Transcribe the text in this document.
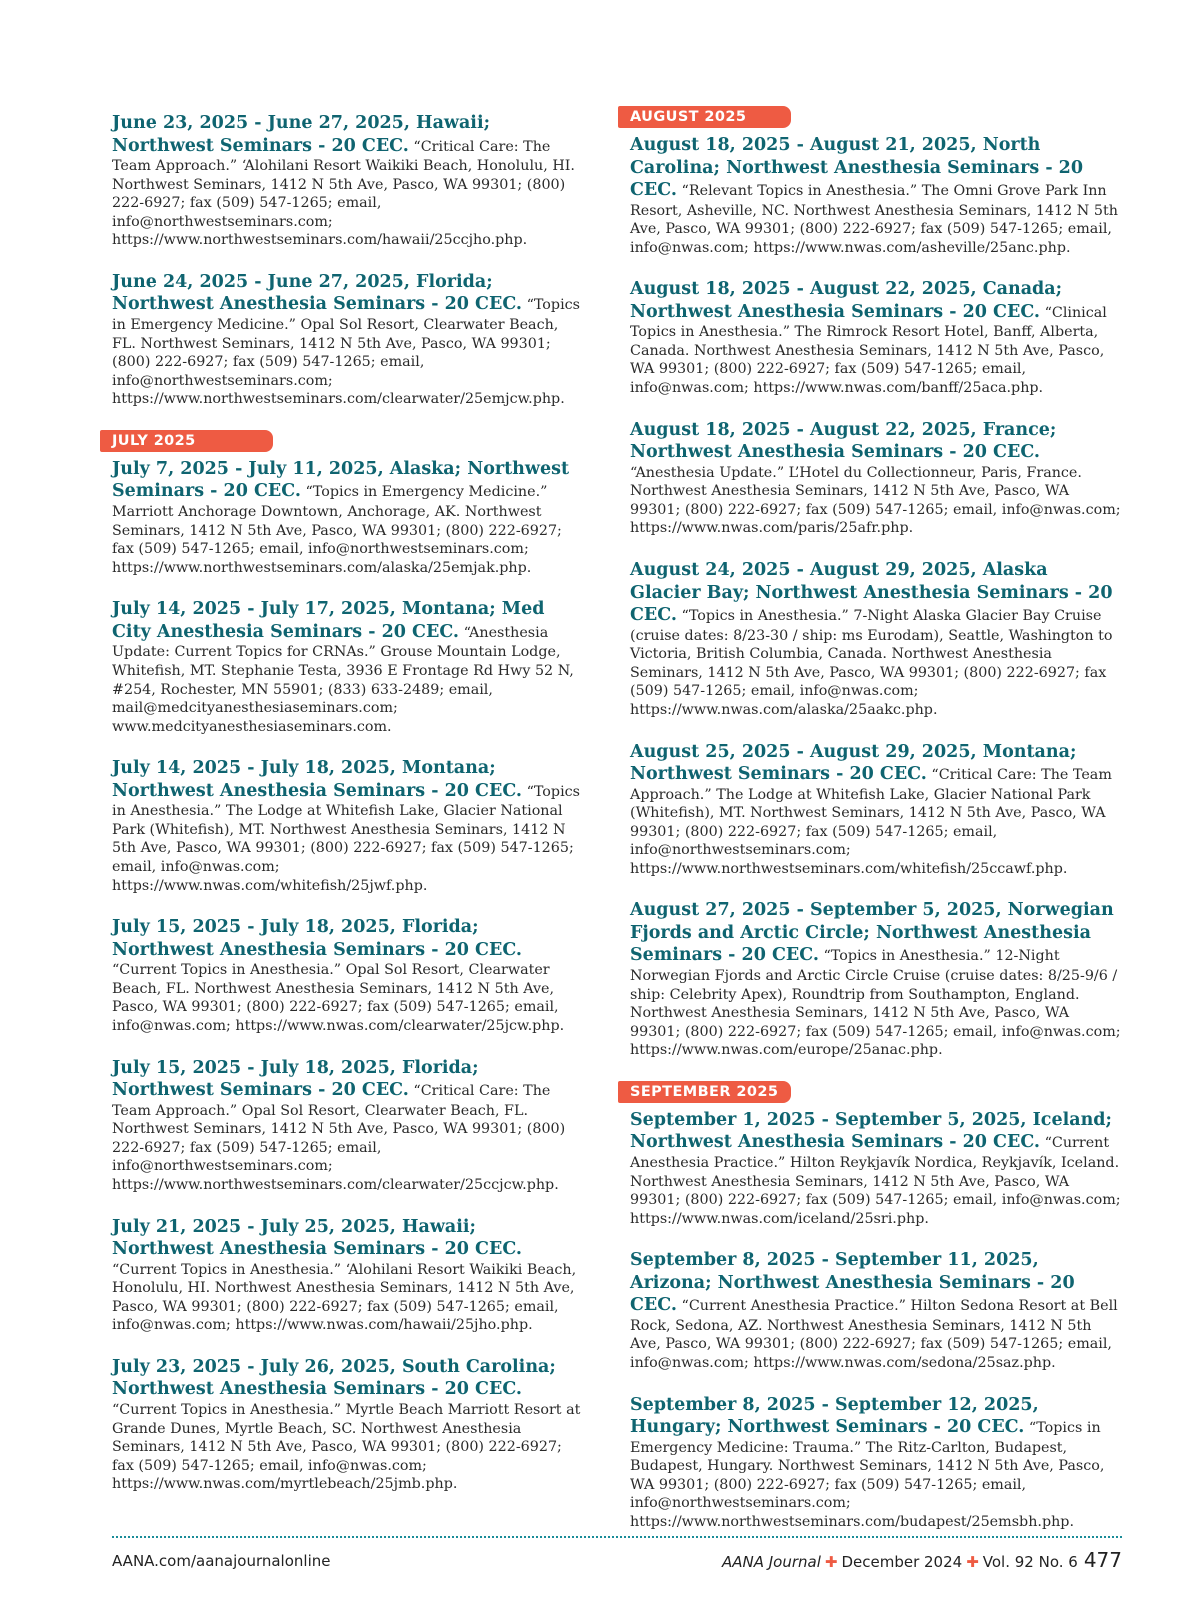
June 23, 2025 - June 27, 2025, Hawaii; Northwest Seminars - 20 CEC. “Critical Care: The Team Approach.” ‘Alohilani Resort Waikiki Beach, Honolulu, HI. Northwest Seminars, 1412 N 5th Ave, Pasco, WA 99301; (800) 222-6927; fax (509) 547-1265; email, info@northwestseminars.com; https://www.northwestseminars.com/hawaii/25ccjho.php.
June 24, 2025 - June 27, 2025, Florida; Northwest Anesthesia Seminars - 20 CEC. “Topics in Emergency Medicine.” Opal Sol Resort, Clearwater Beach, FL. Northwest Seminars, 1412 N 5th Ave, Pasco, WA 99301; (800) 222-6927; fax (509) 547-1265; email, info@northwestseminars.com; https://www.northwestseminars.com/clearwater/25emjcw.php.
JULY 2025
July 7, 2025 - July 11, 2025, Alaska; Northwest Seminars - 20 CEC. “Topics in Emergency Medicine.” Marriott Anchorage Downtown, Anchorage, AK. Northwest Seminars, 1412 N 5th Ave, Pasco, WA 99301; (800) 222-6927; fax (509) 547-1265; email, info@northwestseminars.com; https://www.northwestseminars.com/alaska/25emjak.php.
July 14, 2025 - July 17, 2025, Montana; Med City Anesthesia Seminars - 20 CEC. “Anesthesia Update: Current Topics for CRNAs.” Grouse Mountain Lodge, Whitefish, MT. Stephanie Testa, 3936 E Frontage Rd Hwy 52 N, #254, Rochester, MN 55901; (833) 633-2489; email, mail@medcityanesthesiaseminars.com; www.medcityanesthesiaseminars.com.
July 14, 2025 - July 18, 2025, Montana; Northwest Anesthesia Seminars - 20 CEC. “Topics in Anesthesia.” The Lodge at Whitefish Lake, Glacier National Park (Whitefish), MT. Northwest Anesthesia Seminars, 1412 N 5th Ave, Pasco, WA 99301; (800) 222-6927; fax (509) 547-1265; email, info@nwas.com; https://www.nwas.com/whitefish/25jwf.php.
July 15, 2025 - July 18, 2025, Florida; Northwest Anesthesia Seminars - 20 CEC. “Current Topics in Anesthesia.” Opal Sol Resort, Clearwater Beach, FL. Northwest Anesthesia Seminars, 1412 N 5th Ave, Pasco, WA 99301; (800) 222-6927; fax (509) 547-1265; email, info@nwas.com; https://www.nwas.com/clearwater/25jcw.php.
July 15, 2025 - July 18, 2025, Florida; Northwest Seminars - 20 CEC. “Critical Care: The Team Approach.” Opal Sol Resort, Clearwater Beach, FL. Northwest Seminars, 1412 N 5th Ave, Pasco, WA 99301; (800) 222-6927; fax (509) 547-1265; email, info@northwestseminars.com; https://www.northwestseminars.com/clearwater/25ccjcw.php.
July 21, 2025 - July 25, 2025, Hawaii; Northwest Anesthesia Seminars - 20 CEC. “Current Topics in Anesthesia.” ‘Alohilani Resort Waikiki Beach, Honolulu, HI. Northwest Anesthesia Seminars, 1412 N 5th Ave, Pasco, WA 99301; (800) 222-6927; fax (509) 547-1265; email, info@nwas.com; https://www.nwas.com/hawaii/25jho.php.
July 23, 2025 - July 26, 2025, South Carolina; Northwest Anesthesia Seminars - 20 CEC. “Current Topics in Anesthesia.” Myrtle Beach Marriott Resort at Grande Dunes, Myrtle Beach, SC. Northwest Anesthesia Seminars, 1412 N 5th Ave, Pasco, WA 99301; (800) 222-6927; fax (509) 547-1265; email, info@nwas.com; https://www.nwas.com/myrtlebeach/25jmb.php.
AUGUST 2025
August 18, 2025 - August 21, 2025, North Carolina; Northwest Anesthesia Seminars - 20 CEC. “Relevant Topics in Anesthesia.” The Omni Grove Park Inn Resort, Asheville, NC. Northwest Anesthesia Seminars, 1412 N 5th Ave, Pasco, WA 99301; (800) 222-6927; fax (509) 547-1265; email, info@nwas.com; https://www.nwas.com/asheville/25anc.php.
August 18, 2025 - August 22, 2025, Canada; Northwest Anesthesia Seminars - 20 CEC. “Clinical Topics in Anesthesia.” The Rimrock Resort Hotel, Banff, Alberta, Canada. Northwest Anesthesia Seminars, 1412 N 5th Ave, Pasco, WA 99301; (800) 222-6927; fax (509) 547-1265; email, info@nwas.com; https://www.nwas.com/banff/25aca.php.
August 18, 2025 - August 22, 2025, France; Northwest Anesthesia Seminars - 20 CEC. “Anesthesia Update.” L’Hotel du Collectionneur, Paris, France. Northwest Anesthesia Seminars, 1412 N 5th Ave, Pasco, WA 99301; (800) 222-6927; fax (509) 547-1265; email, info@nwas.com; https://www.nwas.com/paris/25afr.php.
August 24, 2025 - August 29, 2025, Alaska Glacier Bay; Northwest Anesthesia Seminars - 20 CEC. “Topics in Anesthesia.” 7-Night Alaska Glacier Bay Cruise (cruise dates: 8/23-30 / ship: ms Eurodam), Seattle, Washington to Victoria, British Columbia, Canada. Northwest Anesthesia Seminars, 1412 N 5th Ave, Pasco, WA 99301; (800) 222-6927; fax (509) 547-1265; email, info@nwas.com; https://www.nwas.com/alaska/25aakc.php.
August 25, 2025 - August 29, 2025, Montana; Northwest Seminars - 20 CEC. “Critical Care: The Team Approach.” The Lodge at Whitefish Lake, Glacier National Park (Whitefish), MT. Northwest Seminars, 1412 N 5th Ave, Pasco, WA 99301; (800) 222-6927; fax (509) 547-1265; email, info@northwestseminars.com; https://www.northwestseminars.com/whitefish/25ccawf.php.
August 27, 2025 - September 5, 2025, Norwegian Fjords and Arctic Circle; Northwest Anesthesia Seminars - 20 CEC. “Topics in Anesthesia.” 12-Night Norwegian Fjords and Arctic Circle Cruise (cruise dates: 8/25-9/6 / ship: Celebrity Apex), Roundtrip from Southampton, England. Northwest Anesthesia Seminars, 1412 N 5th Ave, Pasco, WA 99301; (800) 222-6927; fax (509) 547-1265; email, info@nwas.com; https://www.nwas.com/europe/25anac.php.
SEPTEMBER 2025
September 1, 2025 - September 5, 2025, Iceland; Northwest Anesthesia Seminars - 20 CEC. “Current Anesthesia Practice.” Hilton Reykjavík Nordica, Reykjavík, Iceland. Northwest Anesthesia Seminars, 1412 N 5th Ave, Pasco, WA 99301; (800) 222-6927; fax (509) 547-1265; email, info@nwas.com; https://www.nwas.com/iceland/25sri.php.
September 8, 2025 - September 11, 2025, Arizona; Northwest Anesthesia Seminars - 20 CEC. “Current Anesthesia Practice.” Hilton Sedona Resort at Bell Rock, Sedona, AZ. Northwest Anesthesia Seminars, 1412 N 5th Ave, Pasco, WA 99301; (800) 222-6927; fax (509) 547-1265; email, info@nwas.com; https://www.nwas.com/sedona/25saz.php.
September 8, 2025 - September 12, 2025, Hungary; Northwest Seminars - 20 CEC. “Topics in Emergency Medicine: Trauma.” The Ritz-Carlton, Budapest, Budapest, Hungary. Northwest Seminars, 1412 N 5th Ave, Pasco, WA 99301; (800) 222-6927; fax (509) 547-1265; email, info@northwestseminars.com; https://www.northwestseminars.com/budapest/25emsbh.php.
AANA.com/aanajournalonline	AANA Journal ✚ December 2024 ✚ Vol. 92 No. 6 477
